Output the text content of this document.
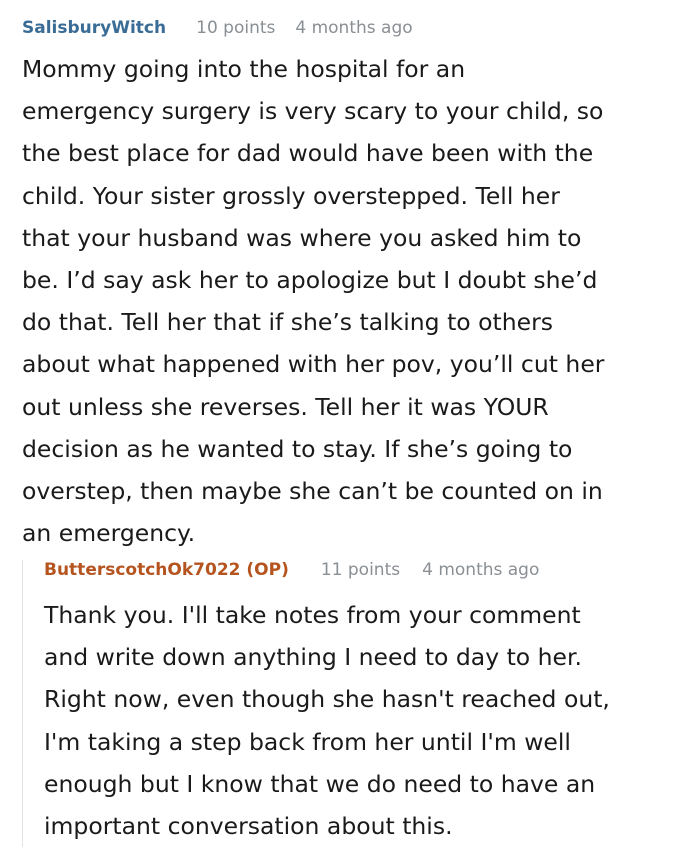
SalisburyWitch 10 points 4 months ago
Mommy going into the hospital for an
emergency surgery is very scary to your child, so
the best place for dad would have been with the
child. Your sister grossly overstepped. Tell her
that your husband was where you asked him to
be. I’d say ask her to apologize but I doubt she’d
do that. Tell her that if she’s talking to others
about what happened with her pov, you’ll cut her
out unless she reverses. Tell her it was YOUR
decision as he wanted to stay. If she’s going to
overstep, then maybe she can’t be counted on in
an emergency.
ButterscotchOk7022 (OP) 11 points 4 months ago
Thank you. I'll take notes from your comment
and write down anything I need to day to her.
Right now, even though she hasn't reached out,
I'm taking a step back from her until I'm well
enough but I know that we do need to have an
important conversation about this.
